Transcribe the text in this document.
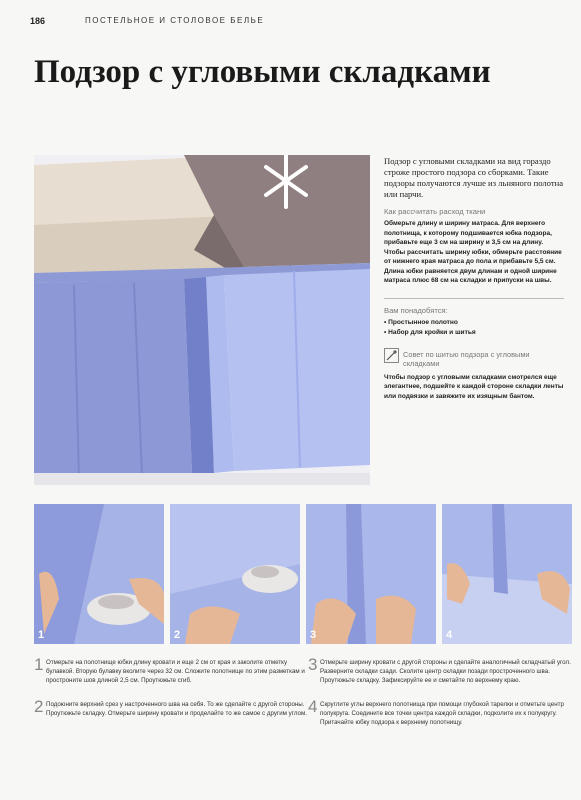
186	ПОСТЕЛЬНОЕ И СТОЛОВОЕ БЕЛЬЕ
Подзор с угловыми складками

Подзор с угловыми складками на вид гораздо строже простого подзора со сборками. Такие подзоры получаются лучше из льняного полотна или парчи.

Как рассчитать расход ткани

Обмерьте длину и ширину матраса. Для верхнего полотнища, к которому подшивается юбка подзора, прибавьте еще 3 см на ширину и 3,5 см на длину. Чтобы рассчитать ширину юбки, обмерьте расстояние от нижнего края матраса до пола и прибавьте 5,5 см. Длина юбки равняется двум длинам и одной ширине матраса плюс 68 см на складки и припуски на швы.

Вам понадобятся:

• Простынное полотно
• Набор для кройки и шитья
Совет по шитью подзора с угловыми складками

Чтобы подзор с угловыми складками смотрелся еще элегантнее, подшейте к каждой стороне складки ленты или подвязки и завяжите их изящным бантом.

1	2	3	4
1 Отмерьте на полотнище юбки длину кровати и еще 2 см от края и заколите отметку булавкой. Вторую булавку вколите через 32 см. Сложите полотнище по этим разметкам и простроните шов длиной 2,5 см. Проутюжьте сгиб.
2 Подоюните верхний срез у настроченного шва на себя. То же сделайте с другой стороны. Проутюжьте складку. Отмерьте ширину кровати и проделайте то же самое с другим углом.
3 Отмерьте ширину кровати с другой стороны и сделайте аналогичный складчатый угол. Разверните складки сзади. Сколите центр складки позади простроченного шва. Проутюжьте складку. Зафиксируйте ее и сметайте по верхнему краю.
4 Скруглите углы верхнего полотнища при помощи глубокой тарелки и отметьте центр полукруга. Соедините все точки центра каждой складки, подколите их к полукругу. Притачайте юбку подзора к верхнему полотнищу.
